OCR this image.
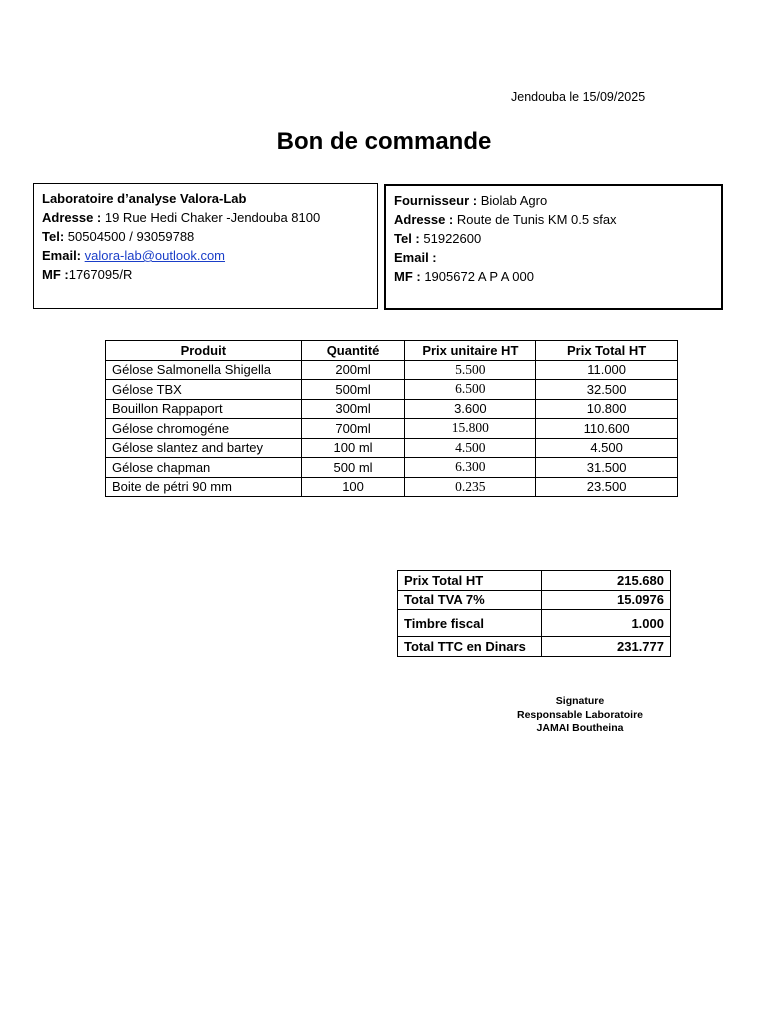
Jendouba le 15/09/2025
Bon de commande
Laboratoire d’analyse Valora-Lab
Adresse : 19 Rue Hedi Chaker -Jendouba 8100
Tel: 50504500 / 93059788
Email: valora-lab@outlook.com
MF :1767095/R
Fournisseur : Biolab Agro
Adresse : Route de Tunis KM 0.5 sfax
Tel : 51922600
Email :
MF : 1905672 A P A 000
Produit	Quantité	Prix unitaire HT	Prix Total HT
Gélose Salmonella Shigella	200ml	5.500	11.000
Gélose TBX	500ml	6.500	32.500
Bouillon Rappaport	300ml	3.600	10.800
Gélose chromogéne	700ml	15.800	110.600
Gélose slantez and bartey	100 ml	4.500	4.500
Gélose chapman	500 ml	6.300	31.500
Boite de pétri 90 mm	100	0.235	23.500
Prix Total HT	215.680
Total TVA 7%	15.0976
Timbre fiscal	1.000
Total TTC en Dinars	231.777
Signature
Responsable Laboratoire
JAMAI Boutheina
